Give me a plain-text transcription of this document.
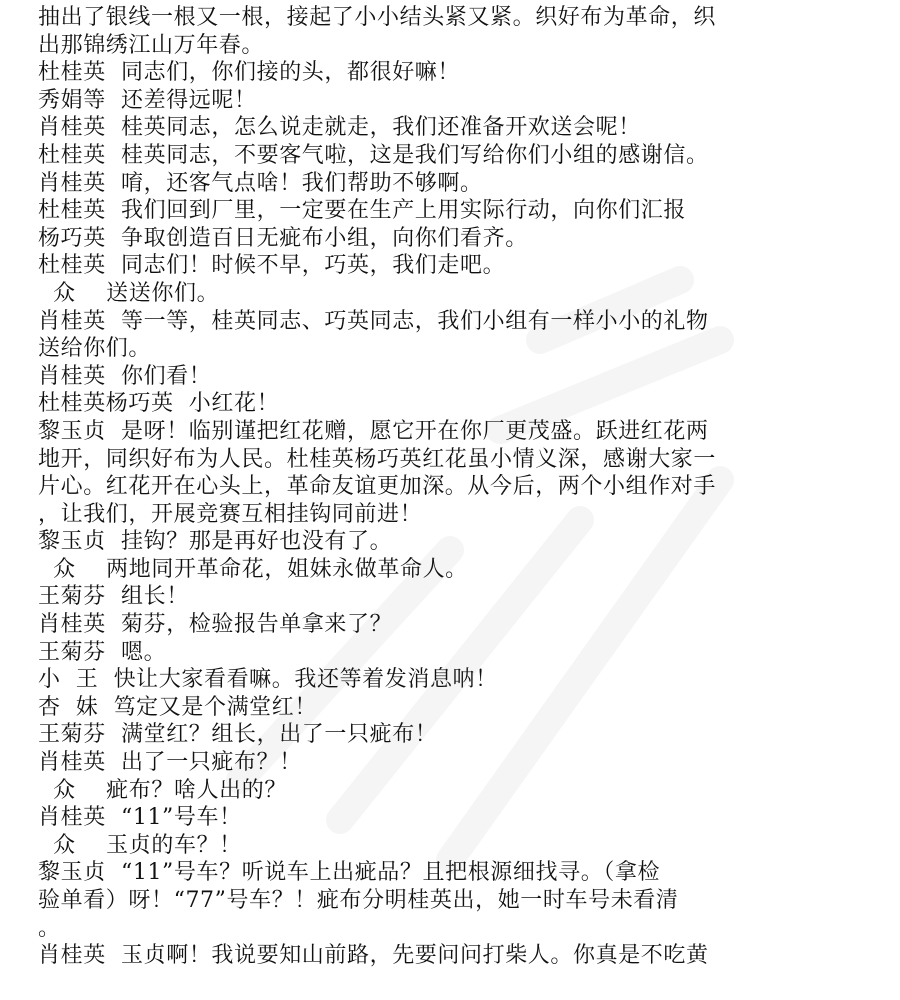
抽出了银线一根又一根，接起了小小结头紧又紧。织好布为革命，织
出那锦绣江山万年春。
杜桂英 同志们，你们接的头，都很好嘛！
秀娟等 还差得远呢！
肖桂英 桂英同志，怎么说走就走，我们还准备开欢送会呢！
杜桂英 桂英同志，不要客气啦，这是我们写给你们小组的感谢信。
肖桂英 唷，还客气点啥！我们帮助不够啊。
杜桂英 我们回到厂里，一定要在生产上用实际行动，向你们汇报
杨巧英 争取创造百日无疵布小组，向你们看齐。
杜桂英 同志们！时候不早，巧英，我们走吧。
众    送送你们。
肖桂英 等一等，桂英同志、巧英同志，我们小组有一样小小的礼物
送给你们。
肖桂英 你们看！
杜桂英杨巧英 小红花！
黎玉贞 是呀！临别谨把红花赠，愿它开在你厂更茂盛。跃进红花两
地开，同织好布为人民。杜桂英杨巧英红花虽小情义深，感谢大家一
片心。红花开在心头上，革命友谊更加深。从今后，两个小组作对手
，让我们，开展竞赛互相挂钩同前进！
黎玉贞 挂钩？那是再好也没有了。
众    两地同开革命花，姐妹永做革命人。
王菊芬 组长！
肖桂英 菊芬，检验报告单拿来了？
王菊芬 嗯。
小  王 快让大家看看嘛。我还等着发消息呐！
杏  妹 笃定又是个满堂红！
王菊芬 满堂红？组长，出了一只疵布！
肖桂英 出了一只疵布？！
众    疵布？啥人出的？
肖桂英 “11”号车！
众    玉贞的车？！
黎玉贞 “11”号车？听说车上出疵品？且把根源细找寻。（拿检
验单看）呀！“77”号车？！疵布分明桂英出，她一时车号未看清
。
肖桂英 玉贞啊！我说要知山前路，先要问问打柴人。你真是不吃黄
